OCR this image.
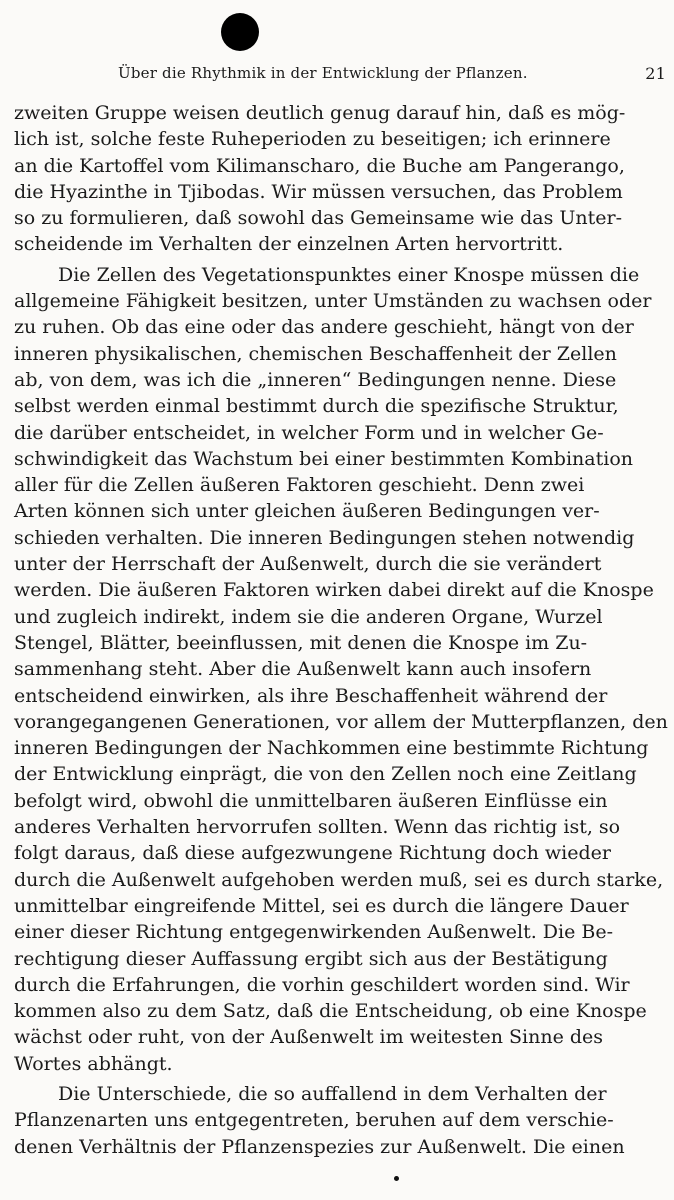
Über die Rhythmik in der Entwicklung der Pflanzen.	21
zweiten Gruppe weisen deutlich genug darauf hin, daß es mög-
lich ist, solche feste Ruheperioden zu beseitigen; ich erinnere
an die Kartoffel vom Kilimanscharo, die Buche am Pangerango,
die Hyazinthe in Tjibodas. Wir müssen versuchen, das Problem
so zu formulieren, daß sowohl das Gemeinsame wie das Unter-
scheidende im Verhalten der einzelnen Arten hervortritt.
Die Zellen des Vegetationspunktes einer Knospe müssen die
allgemeine Fähigkeit besitzen, unter Umständen zu wachsen oder
zu ruhen. Ob das eine oder das andere geschieht, hängt von der
inneren physikalischen, chemischen Beschaffenheit der Zellen
ab, von dem, was ich die „inneren“ Bedingungen nenne. Diese
selbst werden einmal bestimmt durch die spezifische Struktur,
die darüber entscheidet, in welcher Form und in welcher Ge-
schwindigkeit das Wachstum bei einer bestimmten Kombination
aller für die Zellen äußeren Faktoren geschieht. Denn zwei
Arten können sich unter gleichen äußeren Bedingungen ver-
schieden verhalten. Die inneren Bedingungen stehen notwendig
unter der Herrschaft der Außenwelt, durch die sie verändert
werden. Die äußeren Faktoren wirken dabei direkt auf die Knospe
und zugleich indirekt, indem sie die anderen Organe, Wurzel
Stengel, Blätter, beeinflussen, mit denen die Knospe im Zu-
sammenhang steht. Aber die Außenwelt kann auch insofern
entscheidend einwirken, als ihre Beschaffenheit während der
vorangegangenen Generationen, vor allem der Mutterpflanzen, den
inneren Bedingungen der Nachkommen eine bestimmte Richtung
der Entwicklung einprägt, die von den Zellen noch eine Zeitlang
befolgt wird, obwohl die unmittelbaren äußeren Einflüsse ein
anderes Verhalten hervorrufen sollten. Wenn das richtig ist, so
folgt daraus, daß diese aufgezwungene Richtung doch wieder
durch die Außenwelt aufgehoben werden muß, sei es durch starke,
unmittelbar eingreifende Mittel, sei es durch die längere Dauer
einer dieser Richtung entgegenwirkenden Außenwelt. Die Be-
rechtigung dieser Auffassung ergibt sich aus der Bestätigung
durch die Erfahrungen, die vorhin geschildert worden sind. Wir
kommen also zu dem Satz, daß die Entscheidung, ob eine Knospe
wächst oder ruht, von der Außenwelt im weitesten Sinne des
Wortes abhängt.
Die Unterschiede, die so auffallend in dem Verhalten der
Pflanzenarten uns entgegentreten, beruhen auf dem verschie-
denen Verhältnis der Pflanzenspezies zur Außenwelt. Die einen
